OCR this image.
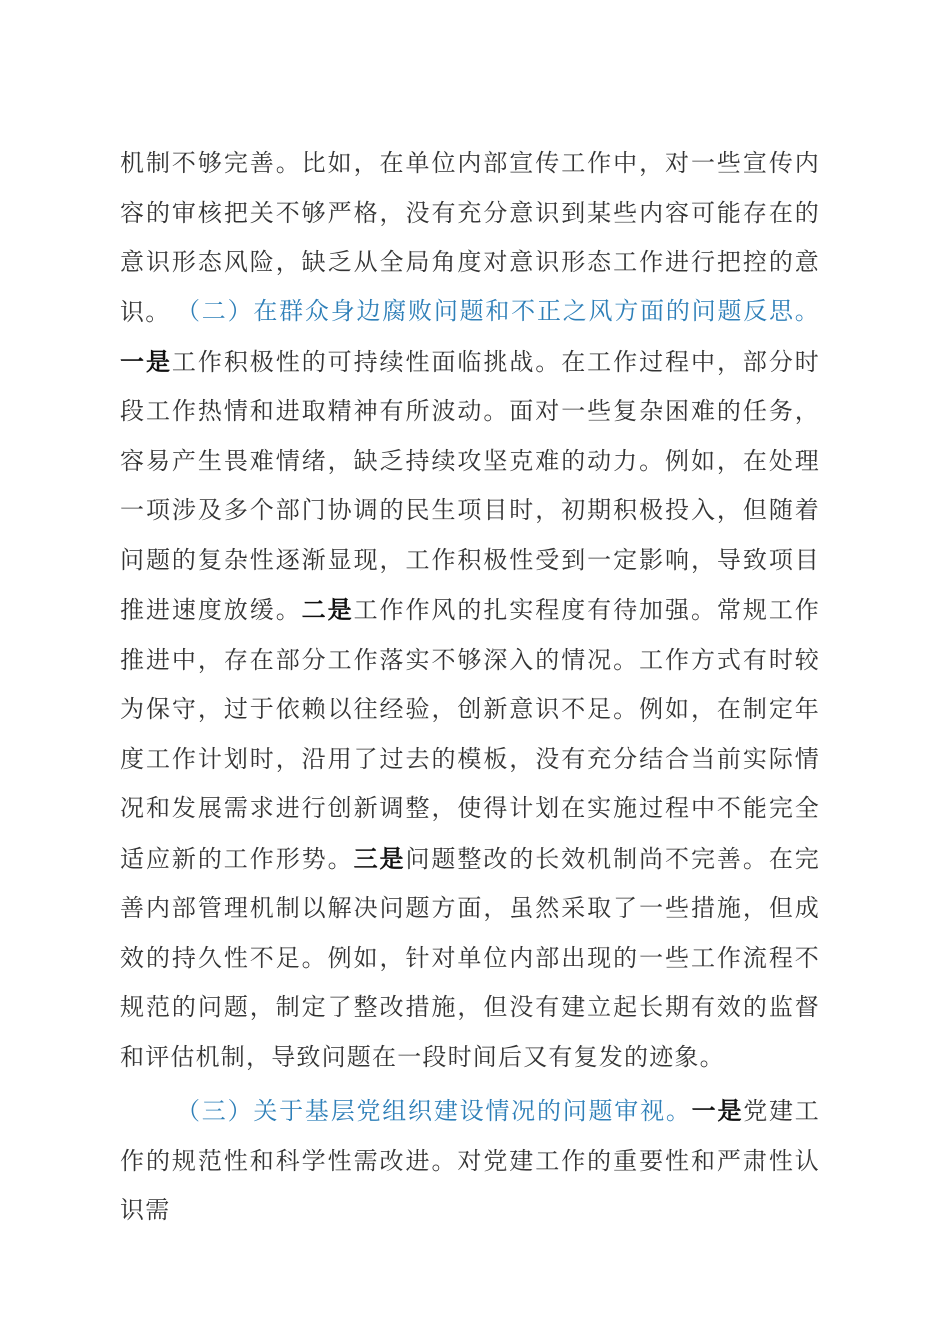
机制不够完善。比如，在单位内部宣传工作中，对一些宣传内容的审核把关不够严格，没有充分意识到某些内容可能存在的意识形态风险，缺乏从全局角度对意识形态工作进行把控的意识。 （二）在群众身边腐败问题和不正之风方面的问题反思。一是工作积极性的可持续性面临挑战。在工作过程中，部分时段工作热情和进取精神有所波动。面对一些复杂困难的任务，容易产生畏难情绪，缺乏持续攻坚克难的动力。例如，在处理一项涉及多个部门协调的民生项目时，初期积极投入，但随着问题的复杂性逐渐显现，工作积极性受到一定影响，导致项目推进速度放缓。二是工作作风的扎实程度有待加强。常规工作推进中，存在部分工作落实不够深入的情况。工作方式有时较为保守，过于依赖以往经验，创新意识不足。例如，在制定年度工作计划时，沿用了过去的模板，没有充分结合当前实际情况和发展需求进行创新调整，使得计划在实施过程中不能完全适应新的工作形势。三是问题整改的长效机制尚不完善。在完善内部管理机制以解决问题方面，虽然采取了一些措施，但成效的持久性不足。例如，针对单位内部出现的一些工作流程不规范的问题，制定了整改措施，但没有建立起长期有效的监督和评估机制，导致问题在一段时间后又有复发的迹象。

（三）关于基层党组织建设情况的问题审视。一是党建工作的规范性和科学性需改进。对党建工作的重要性和严肃性认识需
